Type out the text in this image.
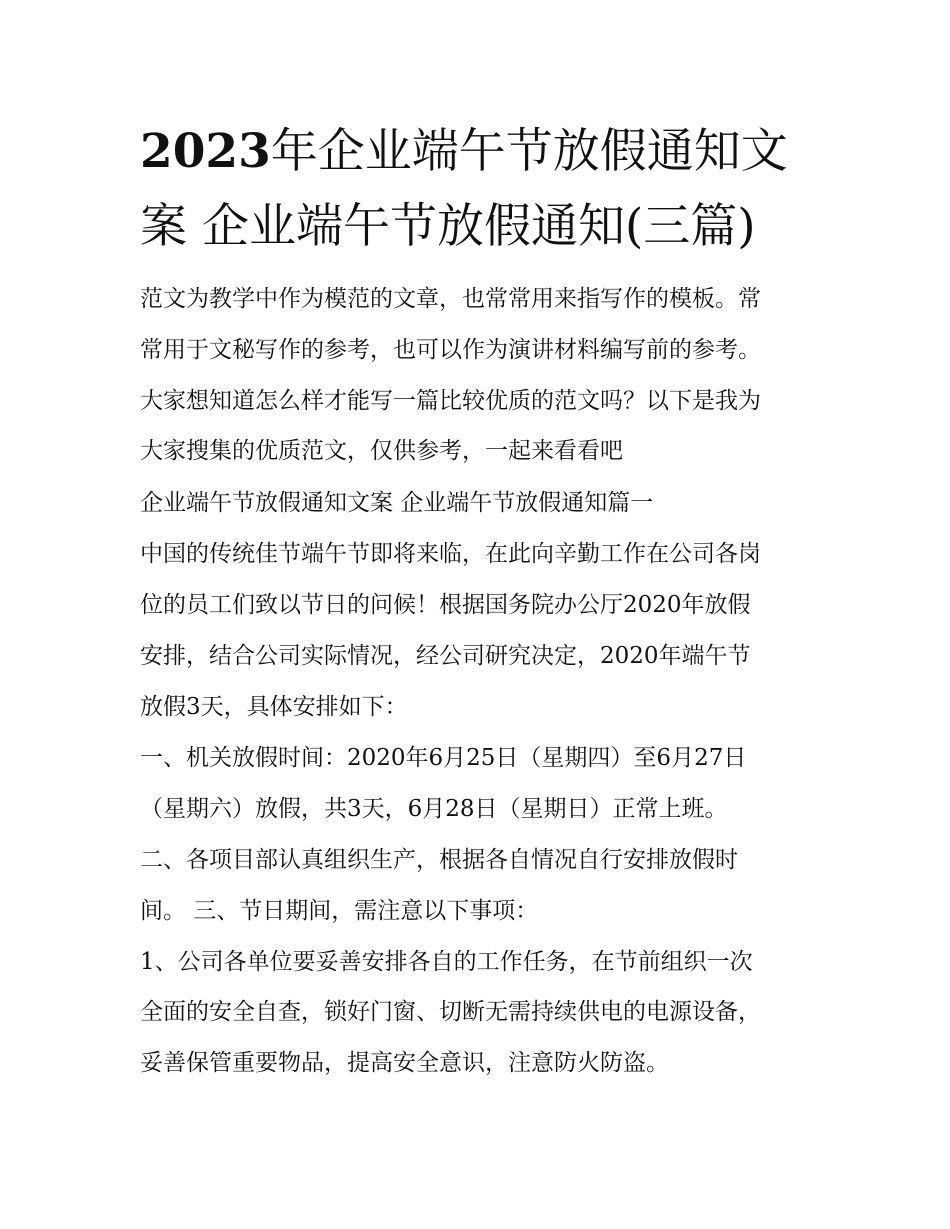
2023年企业端午节放假通知文
案 企业端午节放假通知(三篇)

范文为教学中作为模范的文章，也常常用来指写作的模板。常

常用于文秘写作的参考，也可以作为演讲材料编写前的参考。

大家想知道怎么样才能写一篇比较优质的范文吗？以下是我为

大家搜集的优质范文，仅供参考，一起来看看吧

企业端午节放假通知文案 企业端午节放假通知篇一

中国的传统佳节端午节即将来临，在此向辛勤工作在公司各岗

位的员工们致以节日的问候！根据国务院办公厅2020年放假

安排，结合公司实际情况，经公司研究决定，2020年端午节

放假3天，具体安排如下：

一、机关放假时间：2020年6月25日（星期四）至6月27日

（星期六）放假，共3天，6月28日（星期日）正常上班。

二、各项目部认真组织生产，根据各自情况自行安排放假时

间。 三、节日期间，需注意以下事项：

1、公司各单位要妥善安排各自的工作任务，在节前组织一次

全面的安全自查，锁好门窗、切断无需持续供电的电源设备，

妥善保管重要物品，提高安全意识，注意防火防盗。
